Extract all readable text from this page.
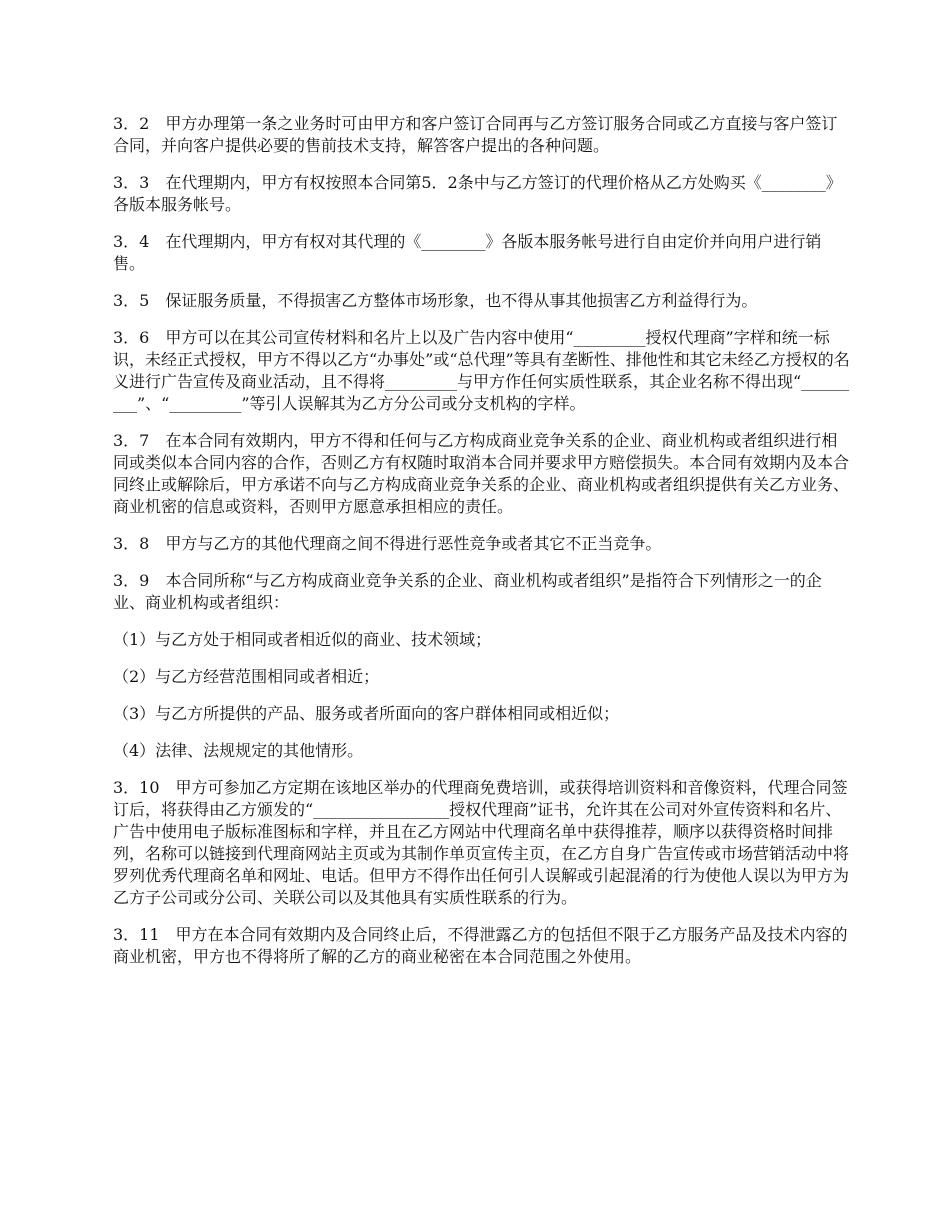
3．2 甲方办理第一条之业务时可由甲方和客户签订合同再与乙方签订服务合同或乙方直接与客户签订合同，并向客户提供必要的售前技术支持，解答客户提出的各种问题。

3．3 在代理期内，甲方有权按照本合同第5．2条中与乙方签订的代理价格从乙方处购买《________》各版本服务帐号。

3．4 在代理期内，甲方有权对其代理的《________》各版本服务帐号进行自由定价并向用户进行销售。

3．5 保证服务质量，不得损害乙方整体市场形象，也不得从事其他损害乙方利益得行为。

3．6 甲方可以在其公司宣传材料和名片上以及广告内容中使用“_________授权代理商”字样和统一标识，未经正式授权，甲方不得以乙方“办事处”或“总代理”等具有垄断性、排他性和其它未经乙方授权的名义进行广告宣传及商业活动，且不得将_________与甲方作任何实质性联系，其企业名称不得出现“_________”、“_________”等引人误解其为乙方分公司或分支机构的字样。

3．7 在本合同有效期内，甲方不得和任何与乙方构成商业竞争关系的企业、商业机构或者组织进行相同或类似本合同内容的合作，否则乙方有权随时取消本合同并要求甲方赔偿损失。本合同有效期内及本合同终止或解除后，甲方承诺不向与乙方构成商业竞争关系的企业、商业机构或者组织提供有关乙方业务、商业机密的信息或资料，否则甲方愿意承担相应的责任。

3．8 甲方与乙方的其他代理商之间不得进行恶性竞争或者其它不正当竞争。

3．9 本合同所称“与乙方构成商业竞争关系的企业、商业机构或者组织”是指符合下列情形之一的企业、商业机构或者组织：

（1）与乙方处于相同或者相近似的商业、技术领域；

（2）与乙方经营范围相同或者相近；

（3）与乙方所提供的产品、服务或者所面向的客户群体相同或相近似；

（4）法律、法规规定的其他情形。

3．10 甲方可参加乙方定期在该地区举办的代理商免费培训，或获得培训资料和音像资料，代理合同签订后，将获得由乙方颁发的“_________________授权代理商”证书，允许其在公司对外宣传资料和名片、广告中使用电子版标准图标和字样，并且在乙方网站中代理商名单中获得推荐，顺序以获得资格时间排列，名称可以链接到代理商网站主页或为其制作单页宣传主页，在乙方自身广告宣传或市场营销活动中将罗列优秀代理商名单和网址、电话。但甲方不得作出任何引人误解或引起混淆的行为使他人误以为甲方为乙方子公司或分公司、关联公司以及其他具有实质性联系的行为。

3．11 甲方在本合同有效期内及合同终止后，不得泄露乙方的包括但不限于乙方服务产品及技术内容的商业机密，甲方也不得将所了解的乙方的商业秘密在本合同范围之外使用。
